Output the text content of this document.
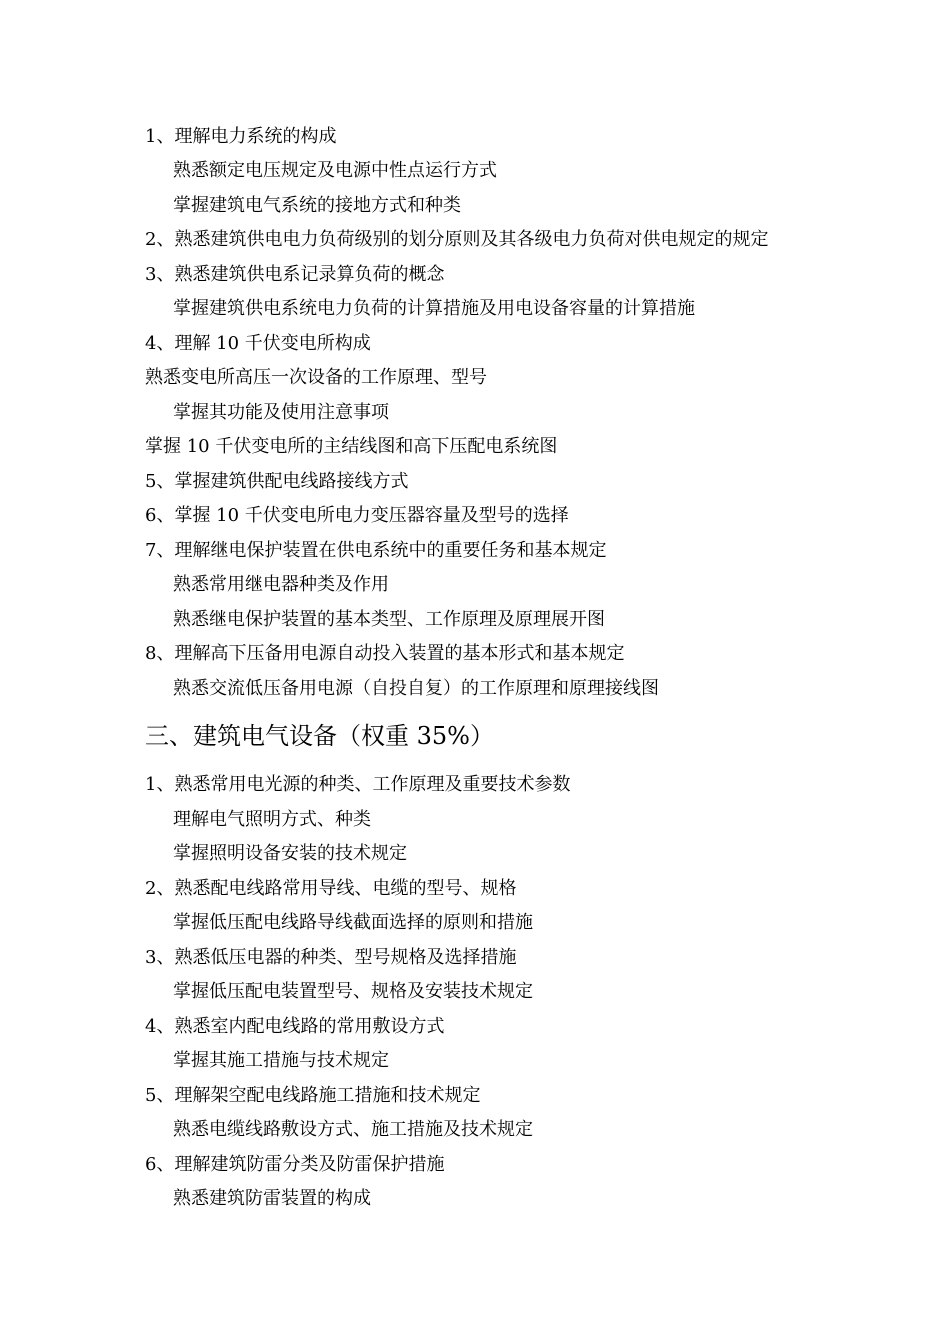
1、理解电力系统的构成
熟悉额定电压规定及电源中性点运行方式
掌握建筑电气系统的接地方式和种类
2、熟悉建筑供电电力负荷级别的划分原则及其各级电力负荷对供电规定的规定
3、熟悉建筑供电系记录算负荷的概念
掌握建筑供电系统电力负荷的计算措施及用电设备容量的计算措施
4、理解 10 千伏变电所构成
熟悉变电所高压一次设备的工作原理、型号
掌握其功能及使用注意事项
掌握 10 千伏变电所的主结线图和高下压配电系统图
5、掌握建筑供配电线路接线方式
6、掌握 10 千伏变电所电力变压器容量及型号的选择
7、理解继电保护装置在供电系统中的重要任务和基本规定
熟悉常用继电器种类及作用
熟悉继电保护装置的基本类型、工作原理及原理展开图
8、理解高下压备用电源自动投入装置的基本形式和基本规定
熟悉交流低压备用电源（自投自复）的工作原理和原理接线图
三、建筑电气设备（权重 35%）
1、熟悉常用电光源的种类、工作原理及重要技术参数
理解电气照明方式、种类
掌握照明设备安装的技术规定
2、熟悉配电线路常用导线、电缆的型号、规格
掌握低压配电线路导线截面选择的原则和措施
3、熟悉低压电器的种类、型号规格及选择措施
掌握低压配电装置型号、规格及安装技术规定
4、熟悉室内配电线路的常用敷设方式
掌握其施工措施与技术规定
5、理解架空配电线路施工措施和技术规定
熟悉电缆线路敷设方式、施工措施及技术规定
6、理解建筑防雷分类及防雷保护措施
熟悉建筑防雷装置的构成
